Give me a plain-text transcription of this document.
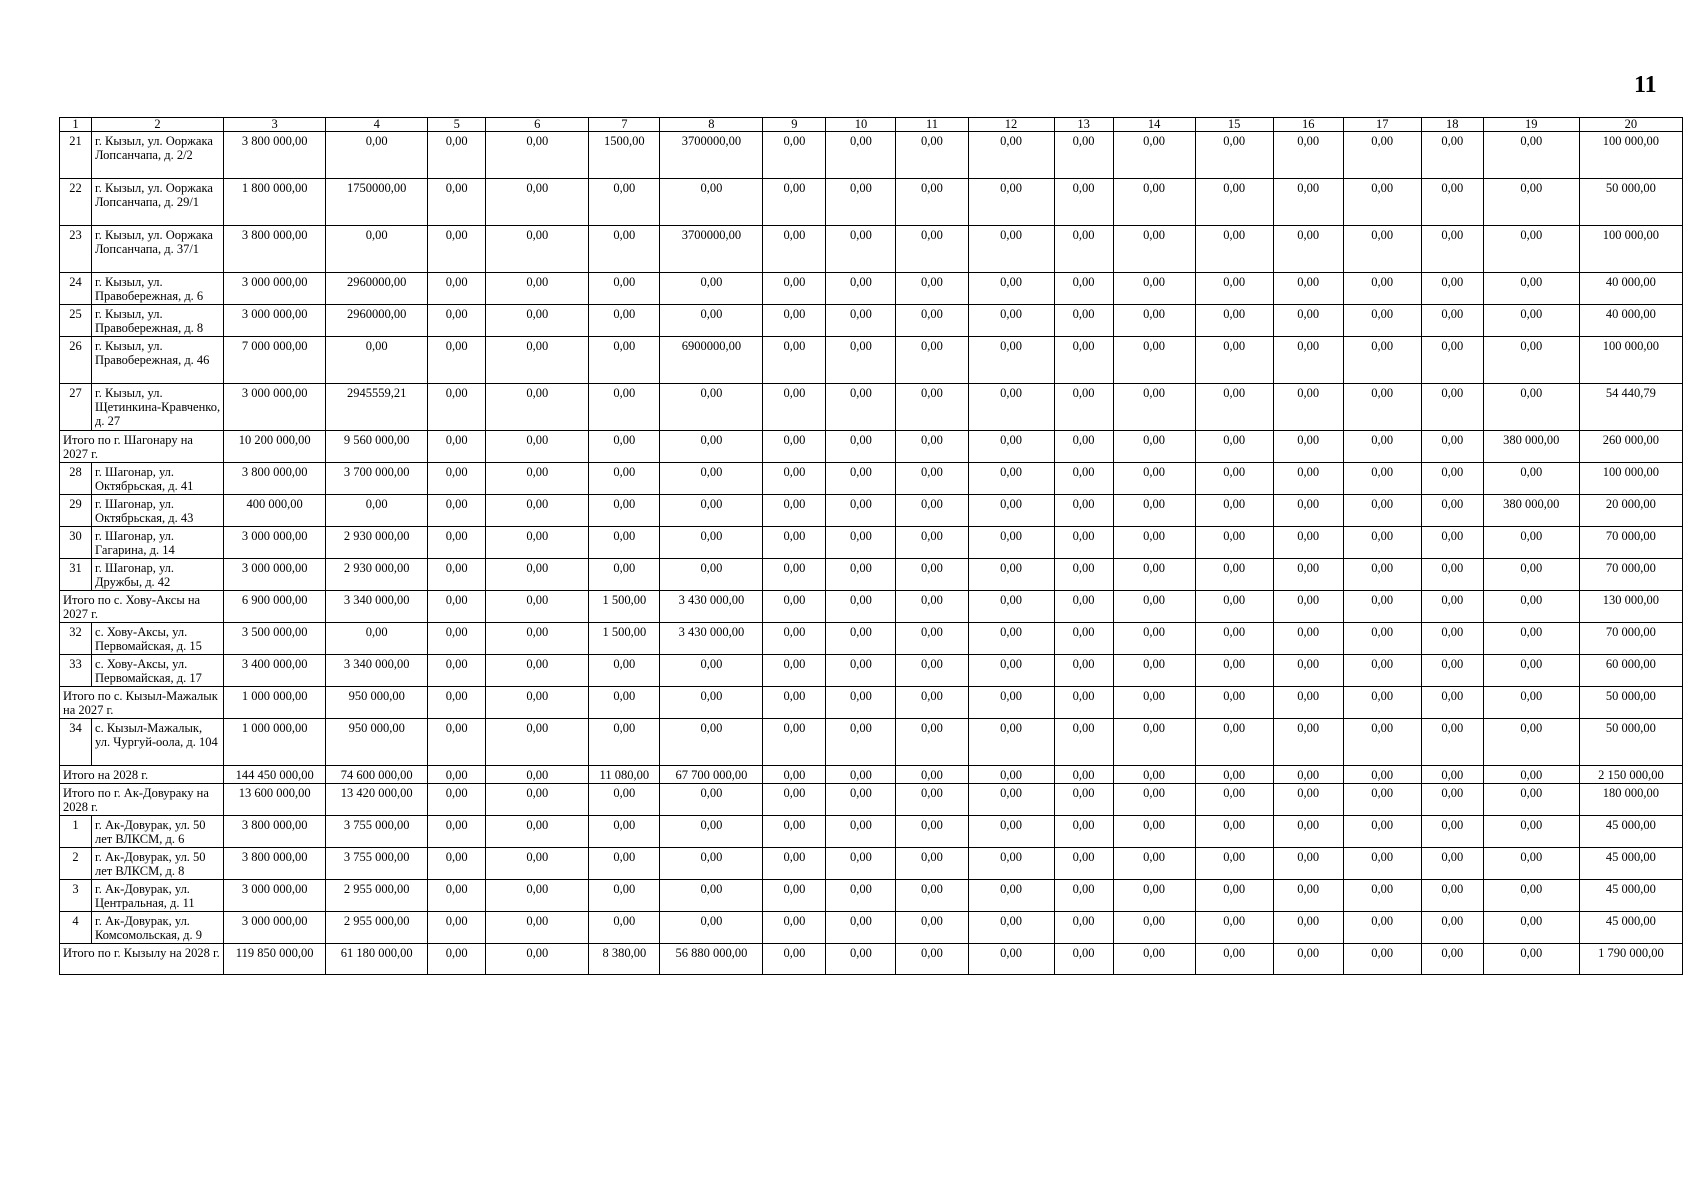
11
1	2	3	4	5	6	7	8	9	10	11	12	13	14	15	16	17	18	19	20
21	г. Кызыл, ул. Ооржака Лопсанчапа, д. 2/2	3 800 000,00	0,00	0,00	0,00	1500,00	3700000,00	0,00	0,00	0,00	0,00	0,00	0,00	0,00	0,00	0,00	0,00	0,00	100 000,00
22	г. Кызыл, ул. Ооржака Лопсанчапа, д. 29/1	1 800 000,00	1750000,00	0,00	0,00	0,00	0,00	0,00	0,00	0,00	0,00	0,00	0,00	0,00	0,00	0,00	0,00	0,00	50 000,00
23	г. Кызыл, ул. Ооржака Лопсанчапа, д. 37/1	3 800 000,00	0,00	0,00	0,00	0,00	3700000,00	0,00	0,00	0,00	0,00	0,00	0,00	0,00	0,00	0,00	0,00	0,00	100 000,00
24	г. Кызыл, ул. Правобережная, д. 6	3 000 000,00	2960000,00	0,00	0,00	0,00	0,00	0,00	0,00	0,00	0,00	0,00	0,00	0,00	0,00	0,00	0,00	0,00	40 000,00
25	г. Кызыл, ул. Правобережная, д. 8	3 000 000,00	2960000,00	0,00	0,00	0,00	0,00	0,00	0,00	0,00	0,00	0,00	0,00	0,00	0,00	0,00	0,00	0,00	40 000,00
26	г. Кызыл, ул. Правобережная, д. 46	7 000 000,00	0,00	0,00	0,00	0,00	6900000,00	0,00	0,00	0,00	0,00	0,00	0,00	0,00	0,00	0,00	0,00	0,00	100 000,00
27	г. Кызыл, ул. Щетинкина-Кравченко, д. 27	3 000 000,00	2945559,21	0,00	0,00	0,00	0,00	0,00	0,00	0,00	0,00	0,00	0,00	0,00	0,00	0,00	0,00	0,00	54 440,79
Итого по г. Шагонару на 2027 г.		10 200 000,00	9 560 000,00	0,00	0,00	0,00	0,00	0,00	0,00	0,00	0,00	0,00	0,00	0,00	0,00	0,00	0,00	380 000,00	260 000,00
28	г. Шагонар, ул. Октябрьская, д. 41	3 800 000,00	3 700 000,00	0,00	0,00	0,00	0,00	0,00	0,00	0,00	0,00	0,00	0,00	0,00	0,00	0,00	0,00	0,00	100 000,00
29	г. Шагонар, ул. Октябрьская, д. 43	400 000,00	0,00	0,00	0,00	0,00	0,00	0,00	0,00	0,00	0,00	0,00	0,00	0,00	0,00	0,00	0,00	380 000,00	20 000,00
30	г. Шагонар, ул. Гагарина, д. 14	3 000 000,00	2 930 000,00	0,00	0,00	0,00	0,00	0,00	0,00	0,00	0,00	0,00	0,00	0,00	0,00	0,00	0,00	0,00	70 000,00
31	г. Шагонар, ул. Дружбы, д. 42	3 000 000,00	2 930 000,00	0,00	0,00	0,00	0,00	0,00	0,00	0,00	0,00	0,00	0,00	0,00	0,00	0,00	0,00	0,00	70 000,00
Итого по с. Хову-Аксы на 2027 г.		6 900 000,00	3 340 000,00	0,00	0,00	1 500,00	3 430 000,00	0,00	0,00	0,00	0,00	0,00	0,00	0,00	0,00	0,00	0,00	0,00	130 000,00
32	с. Хову-Аксы, ул. Первомайская, д. 15	3 500 000,00	0,00	0,00	0,00	1 500,00	3 430 000,00	0,00	0,00	0,00	0,00	0,00	0,00	0,00	0,00	0,00	0,00	0,00	70 000,00
33	с. Хову-Аксы, ул. Первомайская, д. 17	3 400 000,00	3 340 000,00	0,00	0,00	0,00	0,00	0,00	0,00	0,00	0,00	0,00	0,00	0,00	0,00	0,00	0,00	0,00	60 000,00
Итого по с. Кызыл-Мажалык на 2027 г.		1 000 000,00	950 000,00	0,00	0,00	0,00	0,00	0,00	0,00	0,00	0,00	0,00	0,00	0,00	0,00	0,00	0,00	0,00	50 000,00
34	с. Кызыл-Мажалык, ул. Чургуй-оола, д. 104	1 000 000,00	950 000,00	0,00	0,00	0,00	0,00	0,00	0,00	0,00	0,00	0,00	0,00	0,00	0,00	0,00	0,00	0,00	50 000,00
Итого на 2028 г.		144 450 000,00	74 600 000,00	0,00	0,00	11 080,00	67 700 000,00	0,00	0,00	0,00	0,00	0,00	0,00	0,00	0,00	0,00	0,00	0,00	2 150 000,00
Итого по г. Ак-Довураку на 2028 г.		13 600 000,00	13 420 000,00	0,00	0,00	0,00	0,00	0,00	0,00	0,00	0,00	0,00	0,00	0,00	0,00	0,00	0,00	0,00	180 000,00
1	г. Ак-Довурак, ул. 50 лет ВЛКСМ, д. 6	3 800 000,00	3 755 000,00	0,00	0,00	0,00	0,00	0,00	0,00	0,00	0,00	0,00	0,00	0,00	0,00	0,00	0,00	0,00	45 000,00
2	г. Ак-Довурак, ул. 50 лет ВЛКСМ, д. 8	3 800 000,00	3 755 000,00	0,00	0,00	0,00	0,00	0,00	0,00	0,00	0,00	0,00	0,00	0,00	0,00	0,00	0,00	0,00	45 000,00
3	г. Ак-Довурак, ул. Центральная, д. 11	3 000 000,00	2 955 000,00	0,00	0,00	0,00	0,00	0,00	0,00	0,00	0,00	0,00	0,00	0,00	0,00	0,00	0,00	0,00	45 000,00
4	г. Ак-Довурак, ул. Комсомольская, д. 9	3 000 000,00	2 955 000,00	0,00	0,00	0,00	0,00	0,00	0,00	0,00	0,00	0,00	0,00	0,00	0,00	0,00	0,00	0,00	45 000,00
Итого по г. Кызылу на 2028 г.		119 850 000,00	61 180 000,00	0,00	0,00	8 380,00	56 880 000,00	0,00	0,00	0,00	0,00	0,00	0,00	0,00	0,00	0,00	0,00	0,00	1 790 000,00
